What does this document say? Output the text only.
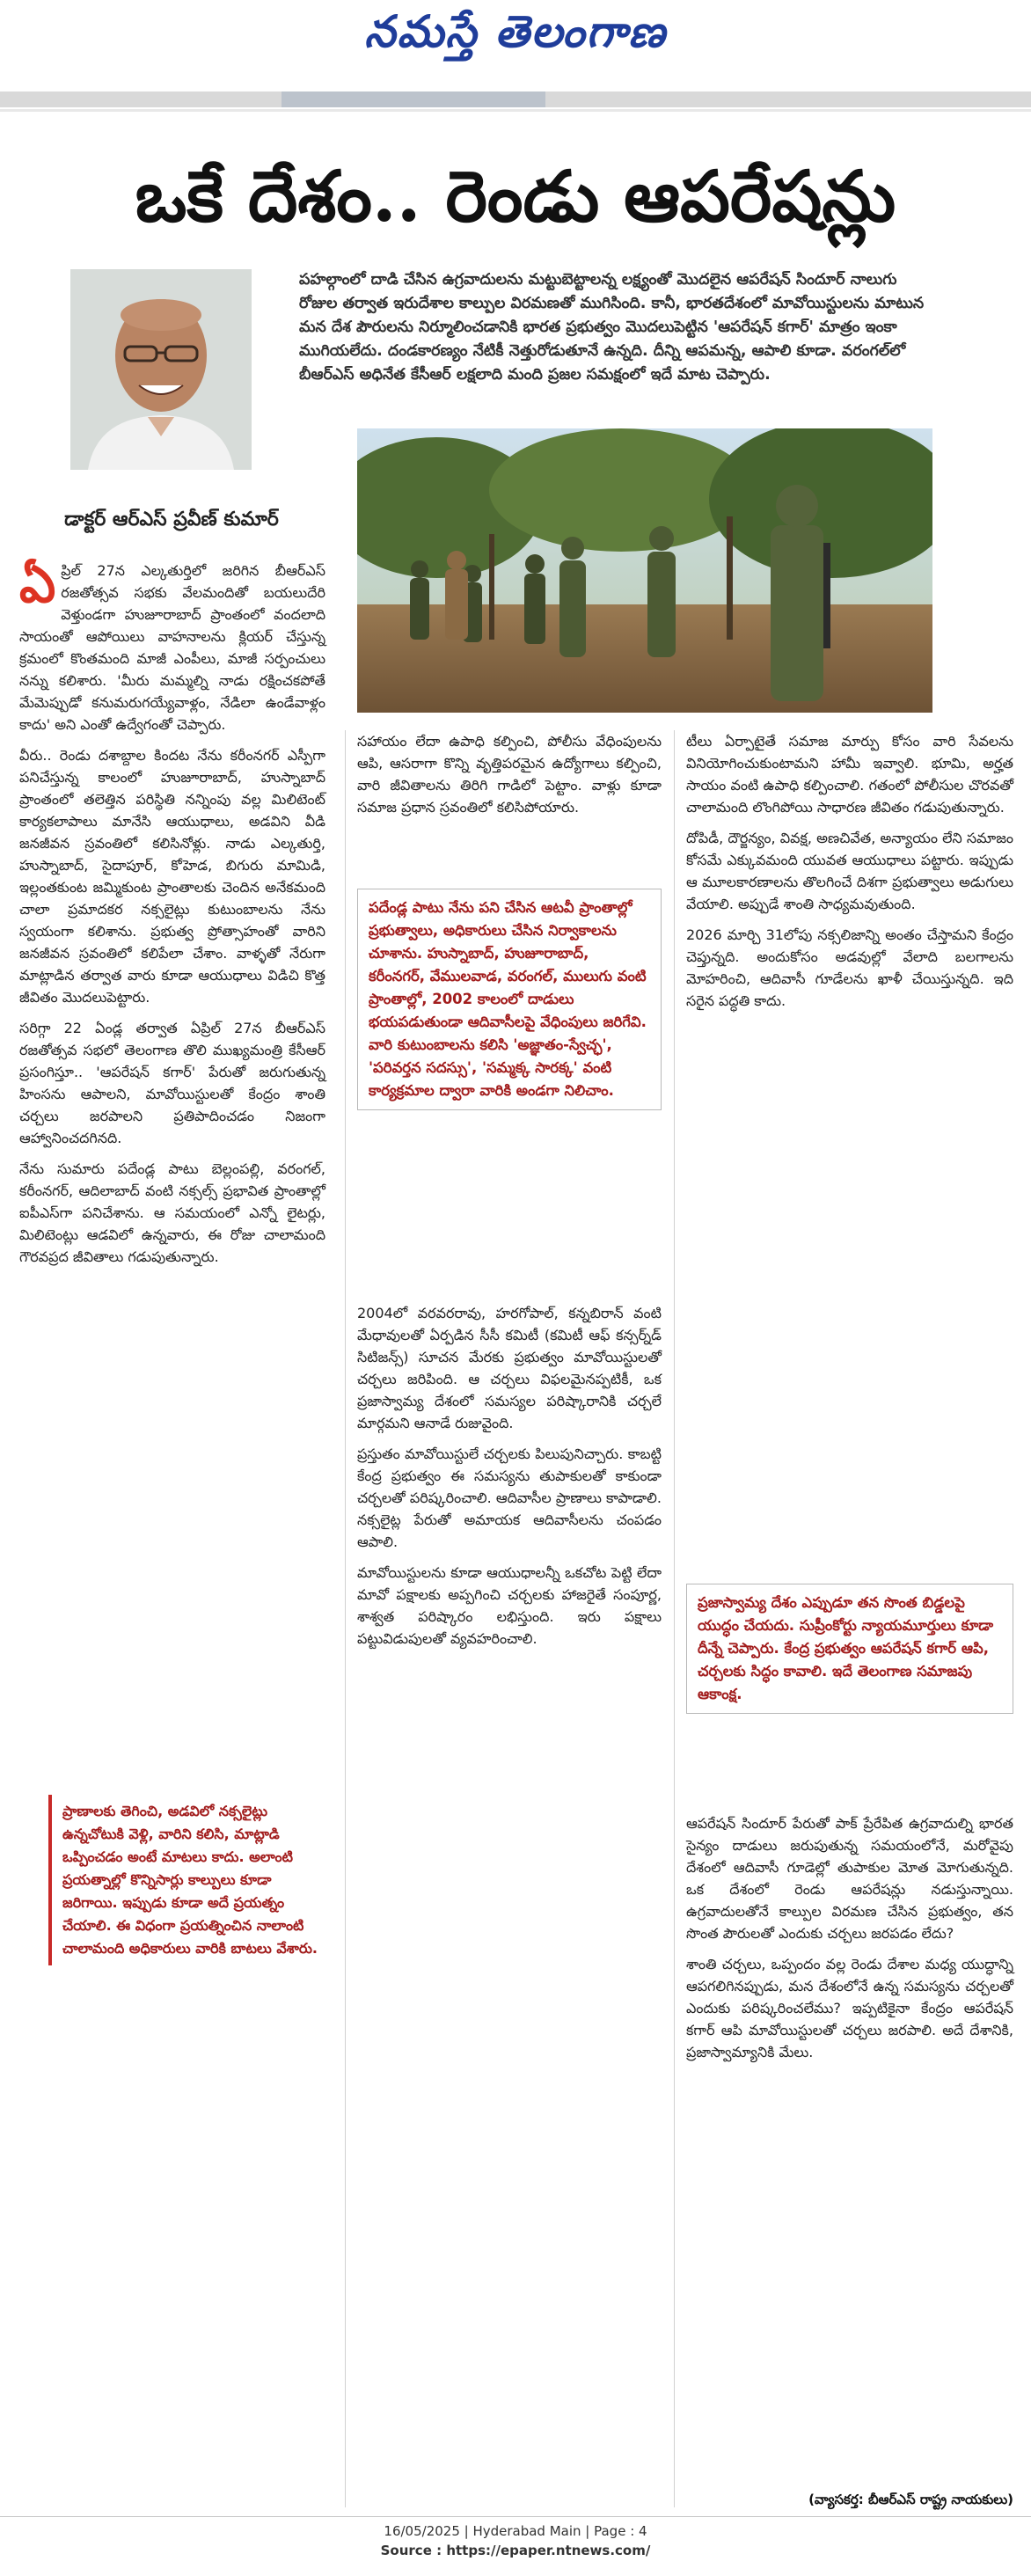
నమస్తే తెలంగాణ
ఒకే దేశం.. రెండు ఆపరేషన్లు
డాక్టర్ ఆర్ఎస్ ప్రవీణ్ కుమార్
పహల్గాంలో దాడి చేసిన ఉగ్రవాదులను మట్టుబెట్టాలన్న లక్ష్యంతో మొదలైన ఆపరేషన్ సిందూర్ నాలుగు రోజుల తర్వాత ఇరుదేశాల కాల్పుల విరమణతో ముగిసింది. కానీ, భారతదేశంలో మావోయిస్టులను మాటున మన దేశ పౌరులను నిర్మూలించడానికి భారత ప్రభుత్వం మొదలుపెట్టిన 'ఆపరేషన్ కగార్' మాత్రం ఇంకా ముగియలేదు. దండకారణ్యం నేటికీ నెత్తురోడుతూనే ఉన్నది. దీన్ని ఆపమన్న, ఆపాలి కూడా. వరంగల్‌లో బీఆర్ఎస్ అధినేత కేసీఆర్ లక్షలాది మంది ప్రజల సమక్షంలో ఇదే మాట చెప్పారు.

ఏప్రిల్ 27న ఎల్కతుర్తిలో జరిగిన బీఆర్ఎస్ రజతోత్సవ సభకు వేలమందితో బయలుదేరి వెళ్తుండగా హుజూరాబాద్ ప్రాంతంలో వందలాది సాయంతో ఆపోయిలు వాహనాలను క్లియర్ చేస్తున్న క్రమంలో కొంతమంది మాజీ ఎంపీలు, మాజీ సర్పంచులు నన్ను కలిశారు. 'మీరు మమ్మల్ని నాడు రక్షించకపోతే మేమెప్పుడో కనుమరుగయ్యేవాళ్లం, నేడిలా ఉండేవాళ్లం కాదు' అని ఎంతో ఉద్వేగంతో చెప్పారు.

వీరు.. రెండు దశాబ్దాల కిందట నేను కరీంనగర్ ఎస్పీగా పనిచేస్తున్న కాలంలో హుజూరాబాద్, హుస్నాబాద్ ప్రాంతంలో తలెత్తిన పరిస్థితి నన్నింపు వల్ల మిలిటెంట్ కార్యకలాపాలు మానేసి ఆయుధాలు, అడవిని వీడి జనజీవన స్రవంతిలో కలిసినోళ్లు. నాడు ఎల్కతుర్తి, హుస్నాబాద్, సైదాపూర్, కోహెడ, బిగురు మామిడి, ఇల్లంతకుంట జమ్మికుంట ప్రాంతాలకు చెందిన అనేకమంది చాలా ప్రమాదకర నక్సలైట్లు కుటుంబాలను నేను స్వయంగా కలిశాను. ప్రభుత్వ ప్రోత్సాహంతో వారిని జనజీవన స్రవంతిలో కలిపేలా చేశాం. వాళ్ళతో నేరుగా మాట్లాడిన తర్వాత వారు కూడా ఆయుధాలు విడిచి కొత్త జీవితం మొదలుపెట్టారు.

సరిగ్గా 22 ఏండ్ల తర్వాత ఏప్రిల్ 27న బీఆర్ఎస్ రజతోత్సవ సభలో తెలంగాణ తొలి ముఖ్యమంత్రి కేసీఆర్ ప్రసంగిస్తూ.. 'ఆపరేషన్ కగార్' పేరుతో జరుగుతున్న హింసను ఆపాలని, మావోయిస్టులతో కేంద్రం శాంతి చర్చలు జరపాలని ప్రతిపాదించడం నిజంగా ఆహ్వానించదగినది.

నేను సుమారు పదేండ్ల పాటు బెల్లంపల్లి, వరంగల్, కరీంనగర్, ఆదిలాబాద్ వంటి నక్సల్స్ ప్రభావిత ప్రాంతాల్లో ఐపీఎస్‌గా పనిచేశాను. ఆ సమయంలో ఎన్నో లైటర్లు, మిలిటెంట్లు ఆడవిలో ఉన్నవారు, ఈ రోజు చాలామంది గౌరవప్రద జీవితాలు గడుపుతున్నారు.

ప్రాణాలకు తెగించి, అడవిలో నక్సలైట్లు ఉన్నచోటుకి వెళ్లి, వారిని కలిసి, మాట్లాడి ఒప్పించడం అంటే మాటలు కాదు. అలాంటి ప్రయత్నాల్లో కొన్నిసార్లు కాల్పులు కూడా జరిగాయి. ఇప్పుడు కూడా అదే ప్రయత్నం చేయాలి. ఈ విధంగా ప్రయత్నించిన నాలాంటి చాలామంది అధికారులు వారికి బాటలు వేశారు.

సహాయం లేదా ఉపాధి కల్పించి, పోలీసు వేధింపులను ఆపి, ఆసరాగా కొన్ని వృత్తిపరమైన ఉద్యోగాలు కల్పించి, వారి జీవితాలను తిరిగి గాడిలో పెట్టాం. వాళ్లు కూడా సమాజ ప్రధాన స్రవంతిలో కలిసిపోయారు.

పదేండ్ల పాటు నేను పని చేసిన ఆటవీ ప్రాంతాల్లో ప్రభుత్వాలు, అధికారులు చేసిన నిర్వాకాలను చూశాను. హుస్నాబాద్, హుజూరాబాద్, కరీంనగర్, వేములవాడ, వరంగల్, ములుగు వంటి ప్రాంతాల్లో, 2002 కాలంలో దాడులు భయపడుతుండా ఆదివాసీలపై వేధింపులు జరిగేవి. వారి కుటుంబాలను కలిసి 'అజ్ఞాతం-స్వేచ్ఛ', 'పరివర్తన సదస్సు', 'సమ్మక్క సారక్క' వంటి కార్యక్రమాల ద్వారా వారికి అండగా నిలిచాం.

2004లో వరవరరావు, హరగోపాల్, కన్నబిరాన్ వంటి మేధావులతో ఏర్పడిన సీసీ కమిటీ (కమిటీ ఆఫ్ కన్సర్న్‌డ్ సిటిజన్స్) సూచన మేరకు ప్రభుత్వం మావోయిస్టులతో చర్చలు జరిపింది. ఆ చర్చలు విఫలమైనప్పటికీ, ఒక ప్రజాస్వామ్య దేశంలో సమస్యల పరిష్కారానికి చర్చలే మార్గమని ఆనాడే రుజువైంది.

ప్రస్తుతం మావోయిస్టులే చర్చలకు పిలుపునిచ్చారు. కాబట్టి కేంద్ర ప్రభుత్వం ఈ సమస్యను తుపాకులతో కాకుండా చర్చలతో పరిష్కరించాలి. ఆదివాసీల ప్రాణాలు కాపాడాలి. నక్సలైట్ల పేరుతో అమాయక ఆదివాసీలను చంపడం ఆపాలి.

మావోయిస్టులను కూడా ఆయుధాలన్నీ ఒకచోట పెట్టి లేదా మావో పక్షాలకు అప్పగించి చర్చలకు హాజరైతే సంపూర్ణ, శాశ్వత పరిష్కారం లభిస్తుంది. ఇరు పక్షాలు పట్టువిడుపులతో వ్యవహరించాలి.

టీలు ఏర్పాటైతే సమాజ మార్పు కోసం వారి సేవలను వినియోగించుకుంటామని హామీ ఇవ్వాలి. భూమి, అర్హత సాయం వంటి ఉపాధి కల్పించాలి. గతంలో పోలీసుల చొరవతో చాలామంది లొంగిపోయి సాధారణ జీవితం గడుపుతున్నారు.

దోపిడీ, దౌర్జన్యం, వివక్ష, అణచివేత, అన్యాయం లేని సమాజం కోసమే ఎక్కువమంది యువత ఆయుధాలు పట్టారు. ఇప్పుడు ఆ మూలకారణాలను తొలగించే దిశగా ప్రభుత్వాలు అడుగులు వేయాలి. అప్పుడే శాంతి సాధ్యమవుతుంది.

2026 మార్చి 31లోపు నక్సలిజాన్ని అంతం చేస్తామని కేంద్రం చెప్తున్నది. అందుకోసం అడవుల్లో వేలాది బలగాలను మోహరించి, ఆదివాసీ గూడేలను ఖాళీ చేయిస్తున్నది. ఇది సరైన పద్ధతి కాదు.

ప్రజాస్వామ్య దేశం ఎప్పుడూ తన సొంత బిడ్డలపై యుద్ధం చేయదు. సుప్రీంకోర్టు న్యాయమూర్తులు కూడా దీన్నే చెప్పారు. కేంద్ర ప్రభుత్వం ఆపరేషన్ కగార్ ఆపి, చర్చలకు సిద్ధం కావాలి. ఇదే తెలంగాణ సమాజపు ఆకాంక్ష.

ఆపరేషన్ సిందూర్ పేరుతో పాక్ ప్రేరేపిత ఉగ్రవాదుల్ని భారత సైన్యం దాడులు జరుపుతున్న సమయంలోనే, మరోవైపు దేశంలో ఆదివాసీ గూడెల్లో తుపాకుల మోత మోగుతున్నది. ఒక దేశంలో రెండు ఆపరేషన్లు నడుస్తున్నాయి. ఉగ్రవాదులతోనే కాల్పుల విరమణ చేసిన ప్రభుత్వం, తన సొంత పౌరులతో ఎందుకు చర్చలు జరపడం లేదు?

శాంతి చర్చలు, ఒప్పందం వల్ల రెండు దేశాల మధ్య యుద్ధాన్ని ఆపగలిగినప్పుడు, మన దేశంలోనే ఉన్న సమస్యను చర్చలతో ఎందుకు పరిష్కరించలేము? ఇప్పటికైనా కేంద్రం ఆపరేషన్ కగార్ ఆపి మావోయిస్టులతో చర్చలు జరపాలి. అదే దేశానికి, ప్రజాస్వామ్యానికి మేలు.

(వ్యాసకర్త: బీఆర్ఎస్ రాష్ట్ర నాయకులు)
16/05/2025 | Hyderabad Main | Page : 4
Source : https://epaper.ntnews.com/
